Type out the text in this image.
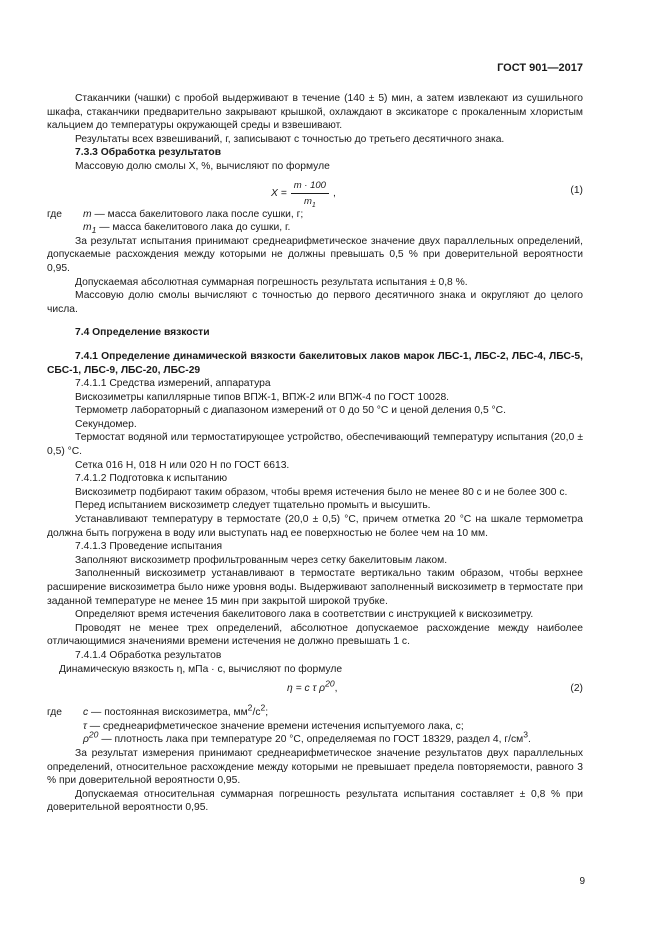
ГОСТ 901—2017

Стаканчики (чашки) с пробой выдерживают в течение (140 ± 5) мин, а затем извлекают из сушильного шкафа, стаканчики предварительно закрывают крышкой, охлаждают в эксикаторе с прокаленным хлористым кальцием до температуры окружающей среды и взвешивают.

Результаты всех взвешиваний, г, записывают с точностью до третьего десятичного знака.

7.3.3 Обработка результатов

Массовую долю смолы X, %, вычисляют по формуле

$X = \frac{m \cdot 100}{m_1}$ ,	(1)
где	m — масса бакелитового лака после сушки, г;
$m_1$ — масса бакелитового лака до сушки, г.

За результат испытания принимают среднеарифметическое значение двух параллельных определений, допускаемые расхождения между которыми не должны превышать 0,5 % при доверительной вероятности 0,95.

Допускаемая абсолютная суммарная погрешность результата испытания ± 0,8 %.

Массовую долю смолы вычисляют с точностью до первого десятичного знака и округляют до целого числа.

7.4 Определение вязкости

7.4.1 Определение динамической вязкости бакелитовых лаков марок ЛБС-1, ЛБС-2, ЛБС-4, ЛБС-5, СБС-1, ЛБС-9, ЛБС-20, ЛБС-29

7.4.1.1 Средства измерений, аппаратура

Вискозиметры капиллярные типов ВПЖ-1, ВПЖ-2 или ВПЖ-4 по ГОСТ 10028.

Термометр лабораторный с диапазоном измерений от 0 до 50 °С и ценой деления 0,5 °С.

Секундомер.

Термостат водяной или термостатирующее устройство, обеспечивающий температуру испытания (20,0 ± 0,5) °С.

Сетка 016 Н, 018 Н или 020 Н по ГОСТ 6613.

7.4.1.2 Подготовка к испытанию

Вискозиметр подбирают таким образом, чтобы время истечения было не менее 80 с и не более 300 с.

Перед испытанием вискозиметр следует тщательно промыть и высушить.

Устанавливают температуру в термостате (20,0 ± 0,5) °С, причем отметка 20 °С на шкале термометра должна быть погружена в воду или выступать над ее поверхностью не более чем на 10 мм.

7.4.1.3 Проведение испытания

Заполняют вискозиметр профильтрованным через сетку бакелитовым лаком.

Заполненный вискозиметр устанавливают в термостате вертикально таким образом, чтобы верхнее расширение вискозиметра было ниже уровня воды. Выдерживают заполненный вискозиметр в термостате при заданной температуре не менее 15 мин при закрытой широкой трубке.

Определяют время истечения бакелитового лака в соответствии с инструкцией к вискозиметру.

Проводят не менее трех определений, абсолютное допускаемое расхождение между наиболее отличающимися значениями времени истечения не должно превышать 1 с.

7.4.1.4 Обработка результатов

Динамическую вязкость η, мПа · с, вычисляют по формуле

η = c τ $\rho^{20}$,	(2)
где	c — постоянная вискозиметра, $мм^2/с^2$;
τ — среднеарифметическое значение времени истечения испытуемого лака, с;
$\rho^{20}$ — плотность лака при температуре 20 °С, определяемая по ГОСТ 18329, раздел 4, $г/см^3$.

За результат измерения принимают среднеарифметическое значение результатов двух параллельных определений, относительное расхождение между которыми не превышает предела повторяемости, равного 3 % при доверительной вероятности 0,95.

Допускаемая относительная суммарная погрешность результата испытания составляет ± 0,8 % при доверительной вероятности 0,95.

9
